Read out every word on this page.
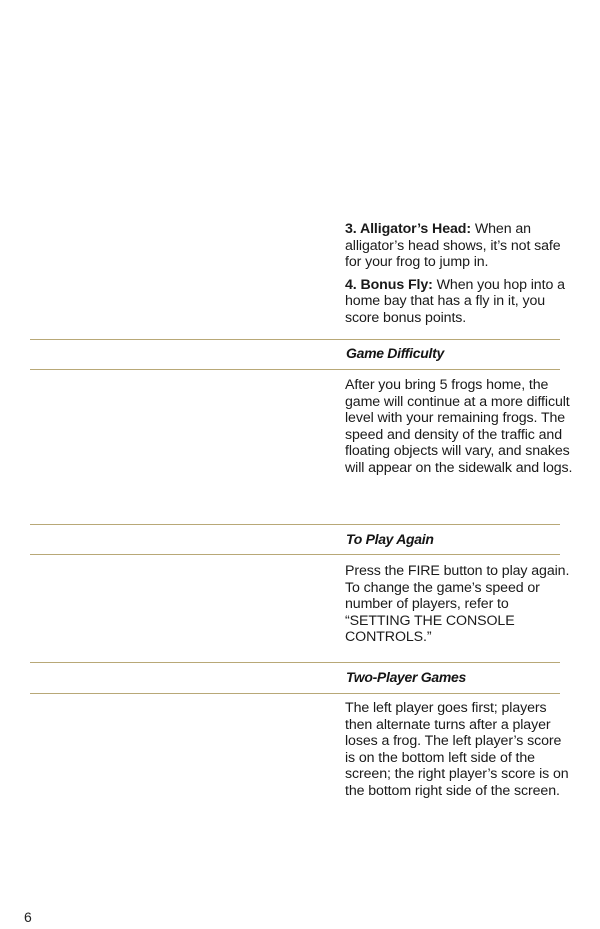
3. Alligator’s Head: When an alligator’s head shows, it’s not safe for your frog to jump in.

4. Bonus Fly: When you hop into a home bay that has a fly in it, you score bonus points.

Game Difficulty
After you bring 5 frogs home, the game will continue at a more difficult level with your remaining frogs. The speed and density of the traffic and floating objects will vary, and snakes will appear on the sidewalk and logs.
To Play Again
Press the FIRE button to play again. To change the game’s speed or number of players, refer to “SETTING THE CONSOLE CONTROLS.”
Two-Player Games
The left player goes first; players then alternate turns after a player loses a frog. The left player’s score is on the bottom left side of the screen; the right player’s score is on the bottom right side of the screen.
6
